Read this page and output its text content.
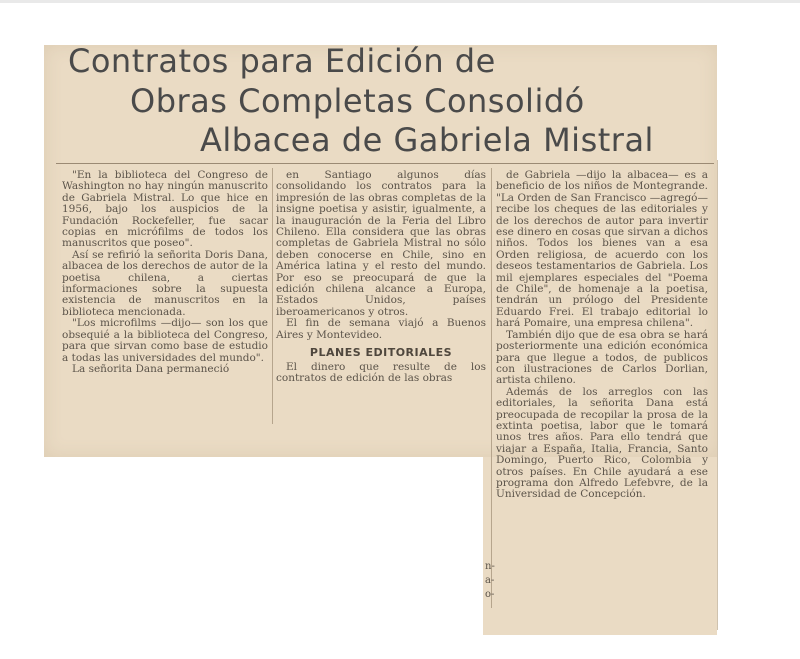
Contratos para Edición de
Obras Completas Consolidó
Albacea de Gabriela Mistral

"En la biblioteca del Congreso de Washington no hay ningún manuscrito de Gabriela Mistral. Lo que hice en 1956, bajo los auspicios de la Fundación Rockefeller, fue sacar copias en micrófilms de todos los manuscritos que poseo".

Así se refirió la señorita Doris Dana, albacea de los derechos de autor de la poetisa chilena, a ciertas informaciones sobre la supuesta existencia de manuscritos en la biblioteca mencionada.

"Los microfilms —dijo— son los que obsequié a la biblioteca del Congreso, para que sirvan como base de estudio a todas las universidades del mundo".

La señorita Dana permaneció

en Santiago algunos días consolidando los contratos para la impresión de las obras completas de la insigne poetisa y asistir, igualmente, a la inauguración de la Feria del Libro Chileno. Ella considera que las obras completas de Gabriela Mistral no sólo deben conocerse en Chile, sino en América latina y el resto del mundo. Por eso se preocupará de que la edición chilena alcance a Europa, Estados Unidos, países iberoamericanos y otros.

El fin de semana viajó a Buenos Aires y Montevideo.

PLANES EDITORIALES

El dinero que resulte de los contratos de edición de las obras

de Gabriela —dijo la albacea— es a beneficio de los niños de Montegrande. "La Orden de San Francisco —agregó— recibe los cheques de las editoriales y de los derechos de autor para invertir ese dinero en cosas que sirvan a dichos niños. Todos los bienes van a esa Orden religiosa, de acuerdo con los deseos testamentarios de Gabriela. Los mil ejemplares especiales del "Poema de Chile", de homenaje a la poetisa, tendrán un prólogo del Presidente Eduardo Frei. El trabajo editorial lo hará Pomaire, una empresa chilena".

También dijo que de esa obra se hará posteriormente una edición económica para que llegue a todos, de publicos con ilustraciones de Carlos Dorlian, artista chileno.

Además de los arreglos con las editoriales, la señorita Dana está preocupada de recopilar la prosa de la extinta poetisa, labor que le tomará unos tres años. Para ello tendrá que viajar a España, Italia, Francia, Santo Domingo, Puerto Rico, Colombia y otros países. En Chile ayudará a ese programa don Alfredo Lefebvre, de la Universidad de Concepción.

n-
a-
o-
